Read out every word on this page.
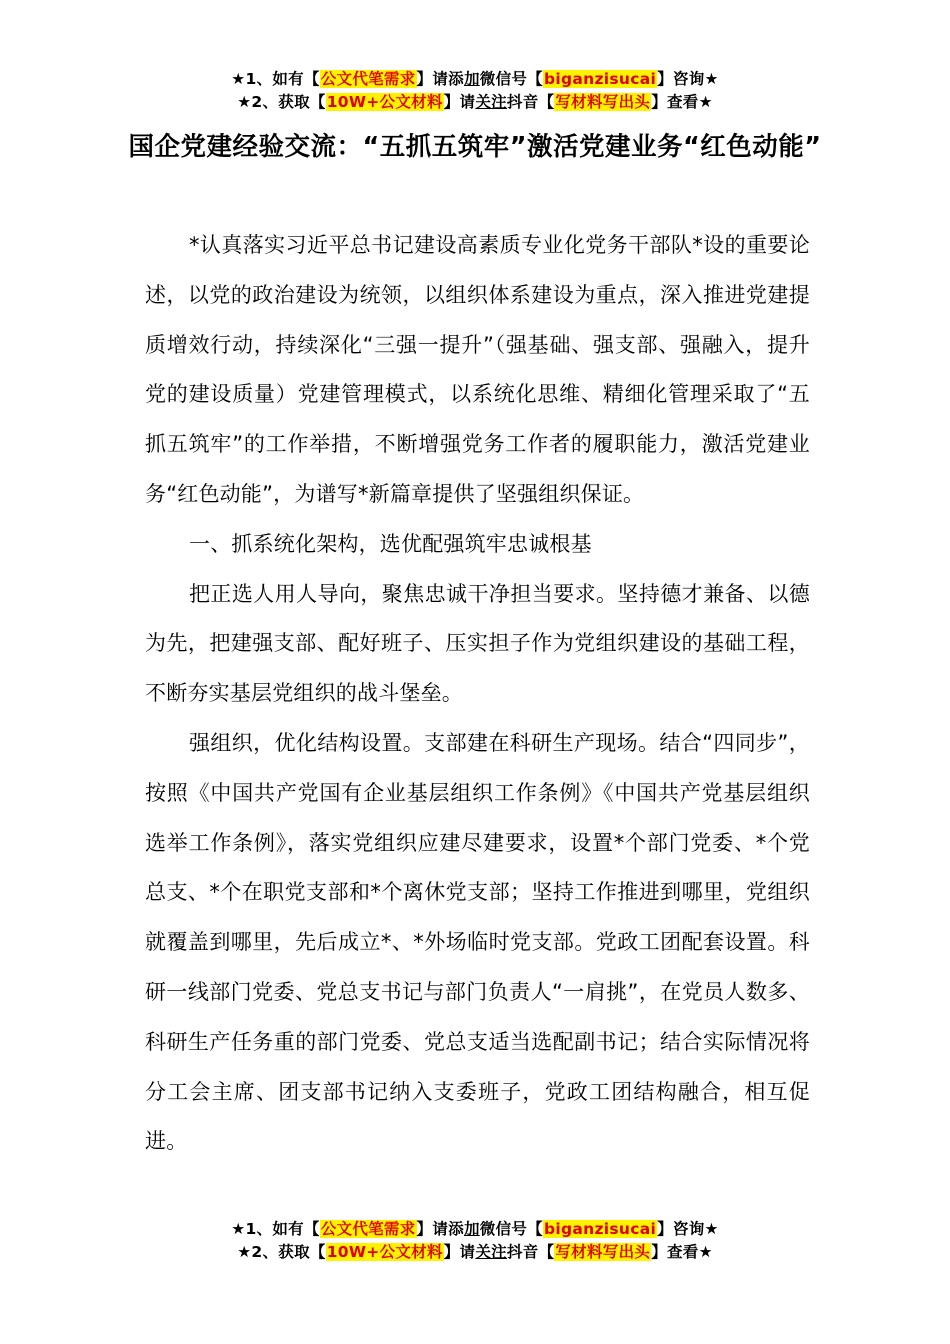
★1、如有【公文代笔需求】请添加微信号【biganzisucai】咨询★
★2、获取【10W+公文材料】请关注抖音【写材料写出头】查看★
国企党建经验交流：“五抓五筑牢”激活党建业务“红色动能”

*认真落实习近平总书记建设高素质专业化党务干部队*设的重要论述，以党的政治建设为统领，以组织体系建设为重点，深入推进党建提质增效行动，持续深化“三强一提升”（强基础、强支部、强融入，提升党的建设质量）党建管理模式，以系统化思维、精细化管理采取了“五抓五筑牢”的工作举措，不断增强党务工作者的履职能力，激活党建业务“红色动能”，为谱写*新篇章提供了坚强组织保证。

一、抓系统化架构，选优配强筑牢忠诚根基

把正选人用人导向，聚焦忠诚干净担当要求。坚持德才兼备、以德为先，把建强支部、配好班子、压实担子作为党组织建设的基础工程，不断夯实基层党组织的战斗堡垒。

强组织，优化结构设置。支部建在科研生产现场。结合“四同步”，按照《中国共产党国有企业基层组织工作条例》《中国共产党基层组织选举工作条例》，落实党组织应建尽建要求，设置*个部门党委、*个党总支、*个在职党支部和*个离休党支部；坚持工作推进到哪里，党组织就覆盖到哪里，先后成立*、*外场临时党支部。党政工团配套设置。科研一线部门党委、党总支书记与部门负责人“一肩挑”，在党员人数多、科研生产任务重的部门党委、党总支适当选配副书记；结合实际情况将分工会主席、团支部书记纳入支委班子，党政工团结构融合，相互促进。

★1、如有【公文代笔需求】请添加微信号【biganzisucai】咨询★
★2、获取【10W+公文材料】请关注抖音【写材料写出头】查看★
